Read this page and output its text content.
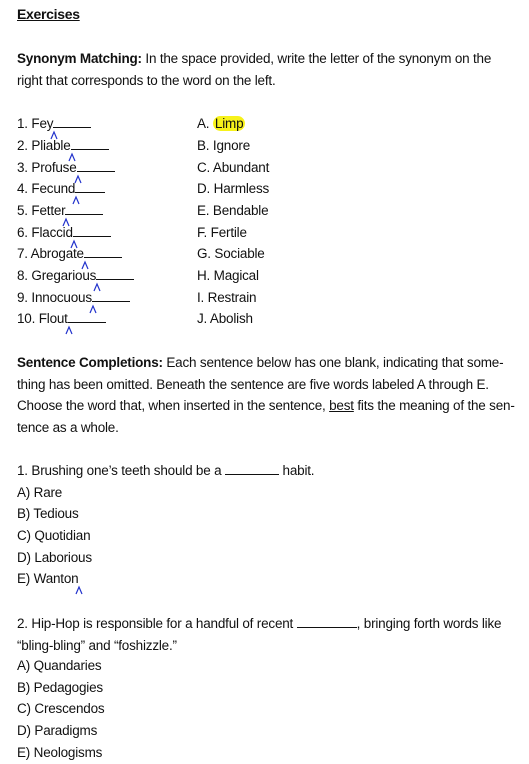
Exercises
Synonym Matching: In the space provided, write the letter of the synonym on the right that corresponds to the word on the left.
1. Fey
2. Pliable
3. Profuse
4. Fecund
5. Fetter
6. Flaccid
7. Abrogate
8. Gregarious
9. Innocuous
10. Flout
A. Limp
B. Ignore
C. Abundant
D. Harmless
E. Bendable
F. Fertile
G. Sociable
H. Magical
I. Restrain
J. Abolish
Sentence Completions: Each sentence below has one blank, indicating that some-thing has been omitted. Beneath the sentence are five words labeled A through E. Choose the word that, when inserted in the sentence, best fits the meaning of the sen-tence as a whole.
1. Brushing one’s teeth should be a	habit.
A) Rare
B) Tedious
C) Quotidian
D) Laborious
E) Wanton
2. Hip-Hop is responsible for a handful of recent	, bringing forth words like “bling-bling” and “foshizzle.”
A) Quandaries
B) Pedagogies
C) Crescendos
D) Paradigms
E) Neologisms
